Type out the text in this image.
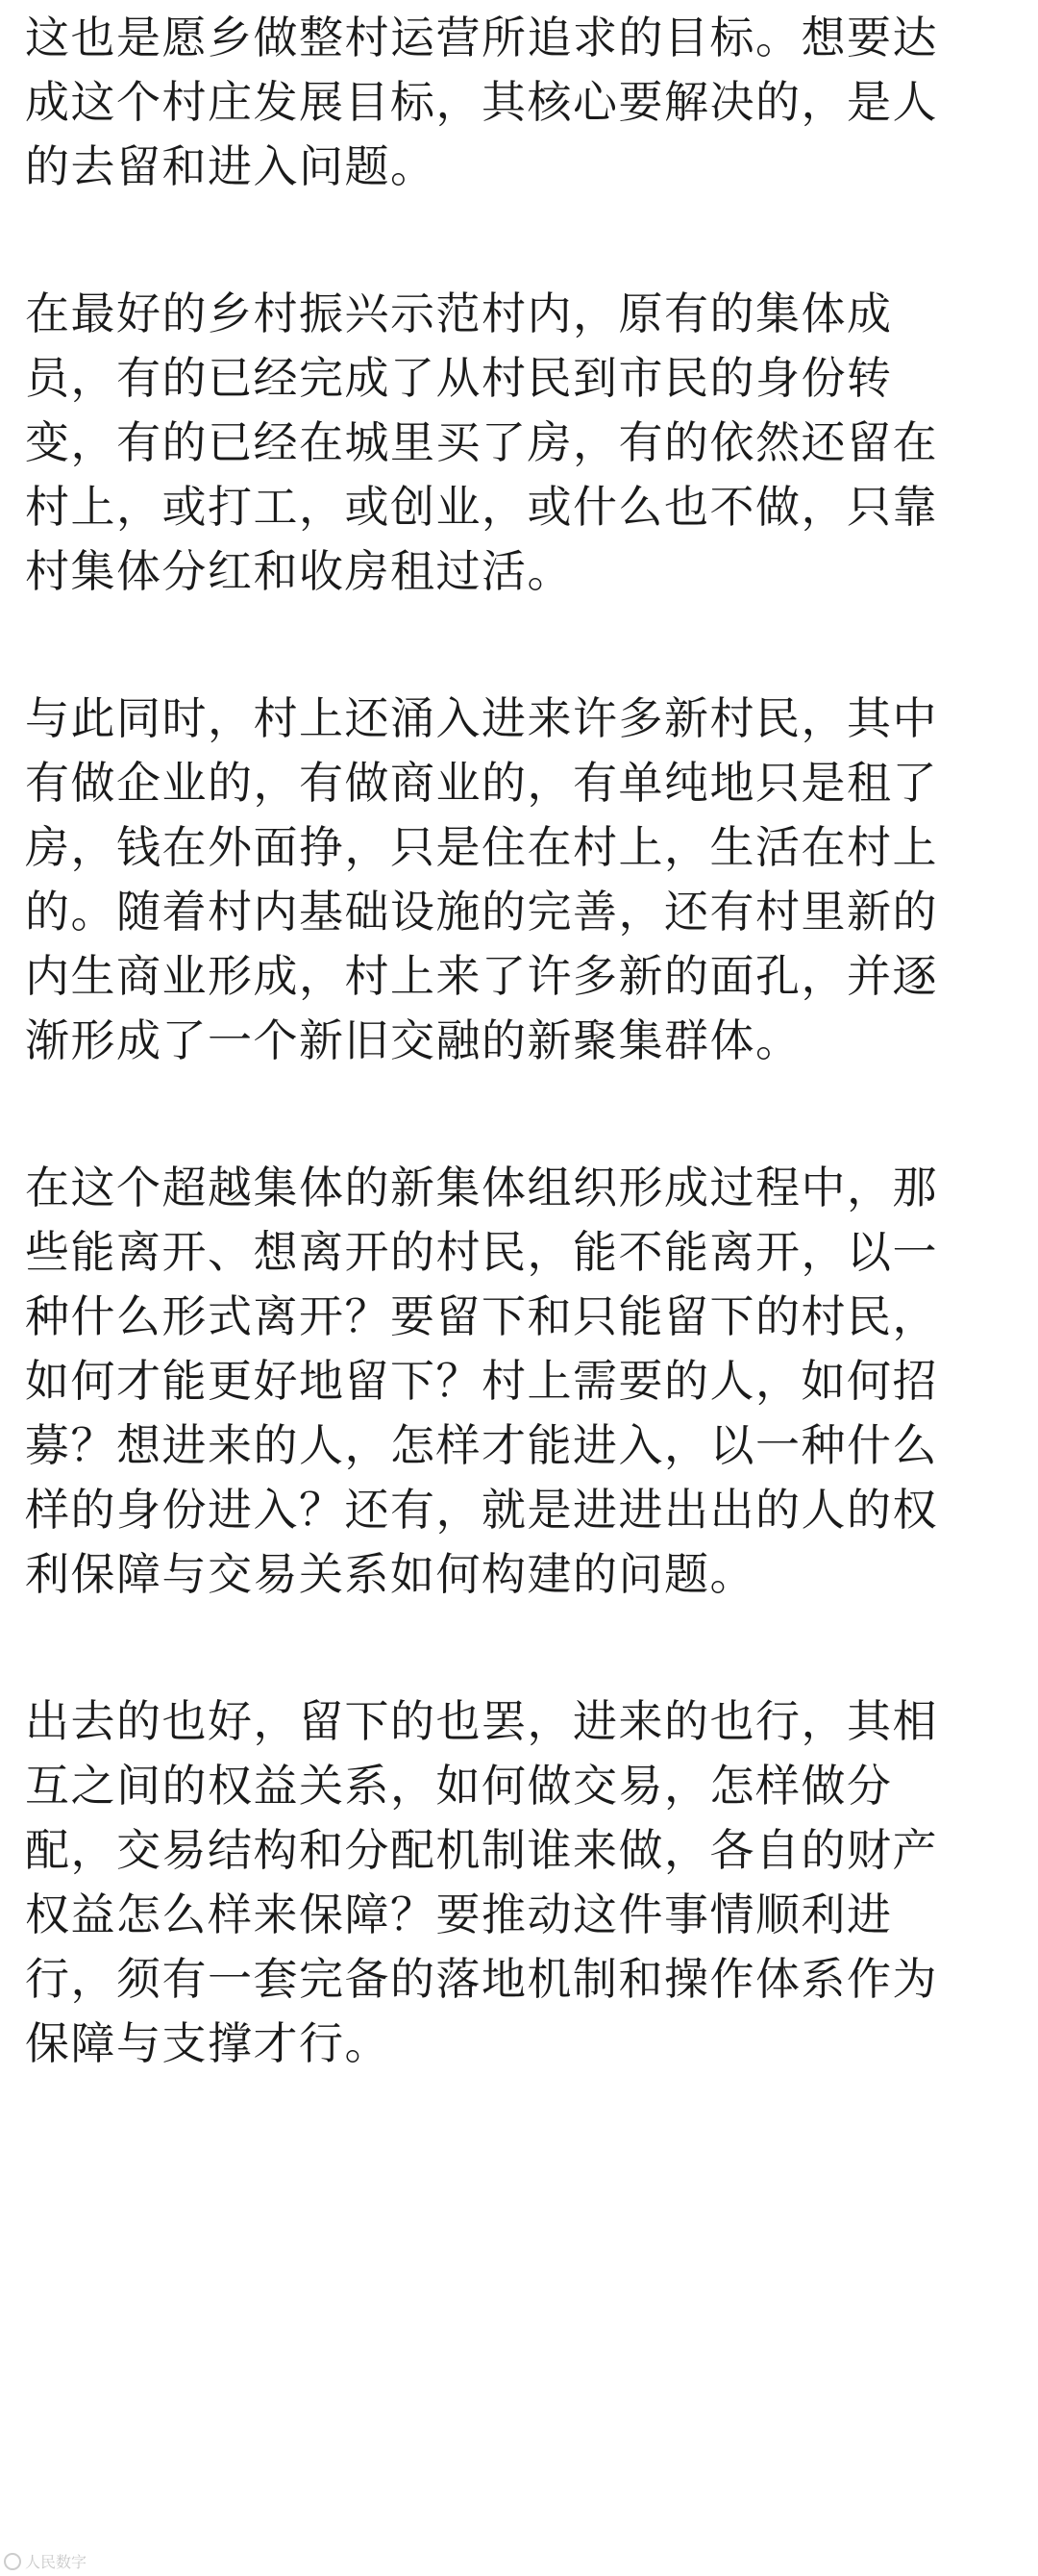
这也是愿乡做整村运营所追求的目标。想要达
成这个村庄发展目标，其核心要解决的，是人
的去留和进入问题。
在最好的乡村振兴示范村内，原有的集体成
员，有的已经完成了从村民到市民的身份转
变，有的已经在城里买了房，有的依然还留在
村上，或打工，或创业，或什么也不做，只靠
村集体分红和收房租过活。
与此同时，村上还涌入进来许多新村民，其中
有做企业的，有做商业的，有单纯地只是租了
房，钱在外面挣，只是住在村上，生活在村上
的。随着村内基础设施的完善，还有村里新的
内生商业形成，村上来了许多新的面孔，并逐
渐形成了一个新旧交融的新聚集群体。
在这个超越集体的新集体组织形成过程中，那
些能离开、想离开的村民，能不能离开，以一
种什么形式离开？要留下和只能留下的村民，
如何才能更好地留下？村上需要的人，如何招
募？想进来的人，怎样才能进入，以一种什么
样的身份进入？还有，就是进进出出的人的权
利保障与交易关系如何构建的问题。
出去的也好，留下的也罢，进来的也行，其相
互之间的权益关系，如何做交易，怎样做分
配，交易结构和分配机制谁来做，各自的财产
权益怎么样来保障？要推动这件事情顺利进
行，须有一套完备的落地机制和操作体系作为
保障与支撑才行。
人民数字
